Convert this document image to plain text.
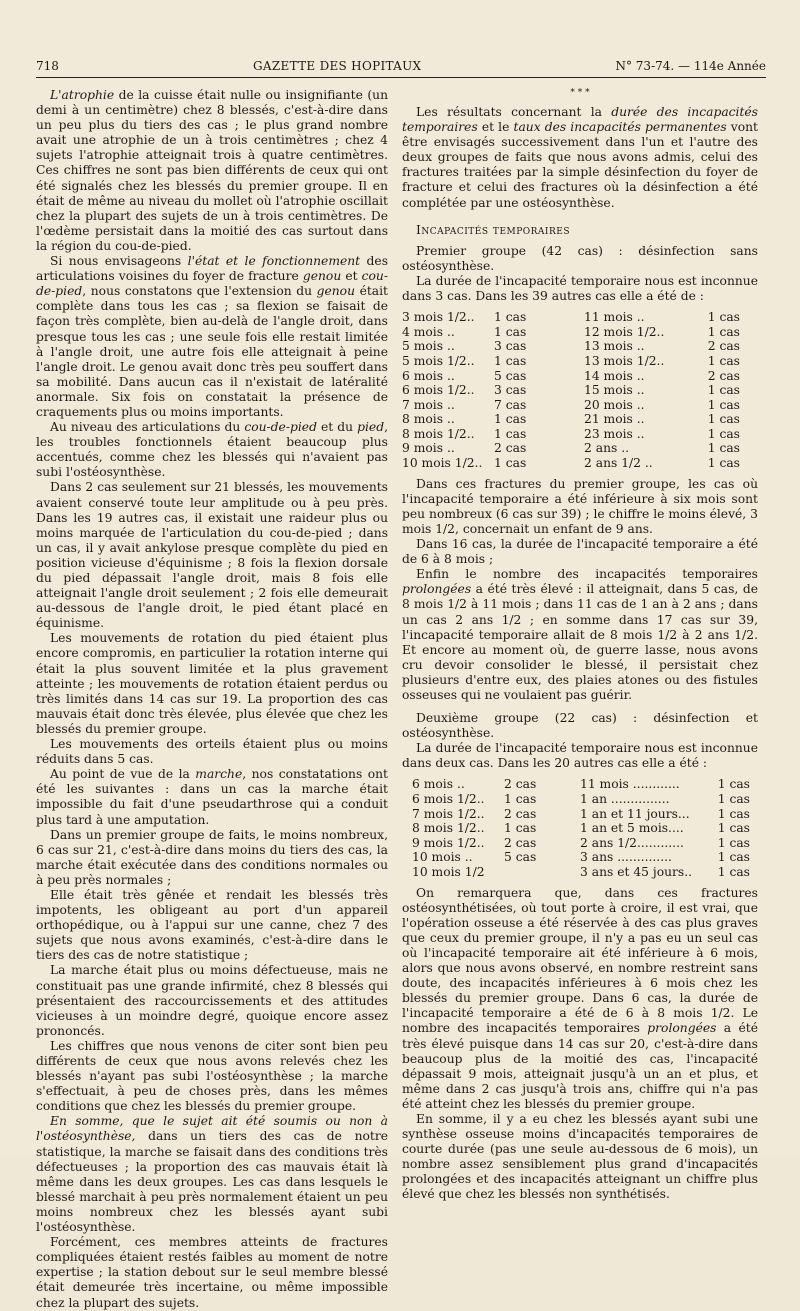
718	GAZETTE DES HOPITAUX	N° 73-74. — 114e Année

L'atrophie de la cuisse était nulle ou insignifiante (un demi à un centimètre) chez 8 blessés, c'est-à-dire dans un peu plus du tiers des cas ; le plus grand nombre avait une atrophie de un à trois centimètres ; chez 4 sujets l'atrophie atteignait trois à quatre centimètres. Ces chiffres ne sont pas bien différents de ceux qui ont été signalés chez les blessés du premier groupe. Il en était de même au niveau du mollet où l'atrophie oscillait chez la plupart des sujets de un à trois centimètres. De l'œdème persistait dans la moitié des cas surtout dans la région du cou-de-pied.

Si nous envisageons l'état et le fonctionnement des articulations voisines du foyer de fracture genou et cou-de-pied, nous constatons que l'extension du genou était complète dans tous les cas ; sa flexion se faisait de façon très complète, bien au-delà de l'angle droit, dans presque tous les cas ; une seule fois elle restait limitée à l'angle droit, une autre fois elle atteignait à peine l'angle droit. Le genou avait donc très peu souffert dans sa mobilité. Dans aucun cas il n'existait de latéralité anormale. Six fois on constatait la présence de craquements plus ou moins importants.

Au niveau des articulations du cou-de-pied et du pied, les troubles fonctionnels étaient beaucoup plus accentués, comme chez les blessés qui n'avaient pas subi l'ostéosynthèse.

Dans 2 cas seulement sur 21 blessés, les mouvements avaient conservé toute leur amplitude ou à peu près. Dans les 19 autres cas, il existait une raideur plus ou moins marquée de l'articulation du cou-de-pied ; dans un cas, il y avait ankylose presque complète du pied en position vicieuse d'équinisme ; 8 fois la flexion dorsale du pied dépassait l'angle droit, mais 8 fois elle atteignait l'angle droit seulement ; 2 fois elle demeurait au-dessous de l'angle droit, le pied étant placé en équinisme.

Les mouvements de rotation du pied étaient plus encore compromis, en particulier la rotation interne qui était la plus souvent limitée et la plus gravement atteinte ; les mouvements de rotation étaient perdus ou très limités dans 14 cas sur 19. La proportion des cas mauvais était donc très élevée, plus élevée que chez les blessés du premier groupe.

Les mouvements des orteils étaient plus ou moins réduits dans 5 cas.

Au point de vue de la marche, nos constatations ont été les suivantes : dans un cas la marche était impossible du fait d'une pseudarthrose qui a conduit plus tard à une amputation.

Dans un premier groupe de faits, le moins nombreux, 6 cas sur 21, c'est-à-dire dans moins du tiers des cas, la marche était exécutée dans des conditions normales ou à peu près normales ;

Elle était très gênée et rendait les blessés très impotents, les obligeant au port d'un appareil orthopédique, ou à l'appui sur une canne, chez 7 des sujets que nous avons examinés, c'est-à-dire dans le tiers des cas de notre statistique ;

La marche était plus ou moins défectueuse, mais ne constituait pas une grande infirmité, chez 8 blessés qui présentaient des raccourcissements et des attitudes vicieuses à un moindre degré, quoique encore assez prononcés.

Les chiffres que nous venons de citer sont bien peu différents de ceux que nous avons relevés chez les blessés n'ayant pas subi l'ostéosynthèse ; la marche s'effectuait, à peu de choses près, dans les mêmes conditions que chez les blessés du premier groupe.

En somme, que le sujet ait été soumis ou non à l'ostéosynthèse, dans un tiers des cas de notre statistique, la marche se faisait dans des conditions très défectueuses ; la proportion des cas mauvais était là même dans les deux groupes. Les cas dans lesquels le blessé marchait à peu près normalement étaient un peu moins nombreux chez les blessés ayant subi l'ostéosynthèse.

Forcément, ces membres atteints de fractures compliquées étaient restés faibles au moment de notre expertise ; la station debout sur le seul membre blessé était demeurée très incertaine, ou même impossible chez la plupart des sujets.

* * *

Les résultats concernant la durée des incapacités temporaires et le taux des incapacités permanentes vont être envisagés successivement dans l'un et l'autre des deux groupes de faits que nous avons admis, celui des fractures traitées par la simple désinfection du foyer de fracture et celui des fractures où la désinfection a été complétée par une ostéosynthèse.

Incapacités temporaires

Premier groupe (42 cas) : désinfection sans ostéosynthèse.

La durée de l'incapacité temporaire nous est inconnue dans 3 cas. Dans les 39 autres cas elle a été de :

3 mois 1/2..	1 cas	11 mois ..	1 cas
4 mois ..	1 cas	12 mois 1/2..	1 cas
5 mois ..	3 cas	13 mois ..	2 cas
5 mois 1/2..	1 cas	13 mois 1/2..	1 cas
6 mois ..	5 cas	14 mois ..	2 cas
6 mois 1/2..	3 cas	15 mois ..	1 cas
7 mois ..	7 cas	20 mois ..	1 cas
8 mois ..	1 cas	21 mois ..	1 cas
8 mois 1/2..	1 cas	23 mois ..	1 cas
9 mois ..	2 cas	2 ans ..	1 cas
10 mois 1/2..	1 cas	2 ans 1/2 ..	1 cas

Dans ces fractures du premier groupe, les cas où l'incapacité temporaire a été inférieure à six mois sont peu nombreux (6 cas sur 39) ; le chiffre le moins élevé, 3 mois 1/2, concernait un enfant de 9 ans.

Dans 16 cas, la durée de l'incapacité temporaire a été de 6 à 8 mois ;

Enfin le nombre des incapacités temporaires prolongées a été très élevé : il atteignait, dans 5 cas, de 8 mois 1/2 à 11 mois ; dans 11 cas de 1 an à 2 ans ; dans un cas 2 ans 1/2 ; en somme dans 17 cas sur 39, l'incapacité temporaire allait de 8 mois 1/2 à 2 ans 1/2. Et encore au moment où, de guerre lasse, nous avons cru devoir consolider le blessé, il persistait chez plusieurs d'entre eux, des plaies atones ou des fistules osseuses qui ne voulaient pas guérir.

Deuxième groupe (22 cas) : désinfection et ostéosynthèse.

La durée de l'incapacité temporaire nous est inconnue dans deux cas. Dans les 20 autres cas elle a été :

6 mois ..	2 cas	11 mois ............	1 cas
6 mois 1/2..	1 cas	1 an ...............	1 cas
7 mois 1/2..	2 cas	1 an et 11 jours...	1 cas
8 mois 1/2..	1 cas	1 an et 5 mois....	1 cas
9 mois 1/2..	2 cas	2 ans 1/2............	1 cas
10 mois ..	5 cas	3 ans ..............	1 cas
10 mois 1/2		3 ans et 45 jours..	1 cas

On remarquera que, dans ces fractures ostéosynthétisées, où tout porte à croire, il est vrai, que l'opération osseuse a été réservée à des cas plus graves que ceux du premier groupe, il n'y a pas eu un seul cas où l'incapacité temporaire ait été inférieure à 6 mois, alors que nous avons observé, en nombre restreint sans doute, des incapacités inférieures à 6 mois chez les blessés du premier groupe. Dans 6 cas, la durée de l'incapacité temporaire a été de 6 à 8 mois 1/2. Le nombre des incapacités temporaires prolongées a été très élevé puisque dans 14 cas sur 20, c'est-à-dire dans beaucoup plus de la moitié des cas, l'incapacité dépassait 9 mois, atteignait jusqu'à un an et plus, et même dans 2 cas jusqu'à trois ans, chiffre qui n'a pas été atteint chez les blessés du premier groupe.

En somme, il y a eu chez les blessés ayant subi une synthèse osseuse moins d'incapacités temporaires de courte durée (pas une seule au-dessous de 6 mois), un nombre assez sensiblement plus grand d'incapacités prolongées et des incapacités atteignant un chiffre plus élevé que chez les blessés non synthétisés.
